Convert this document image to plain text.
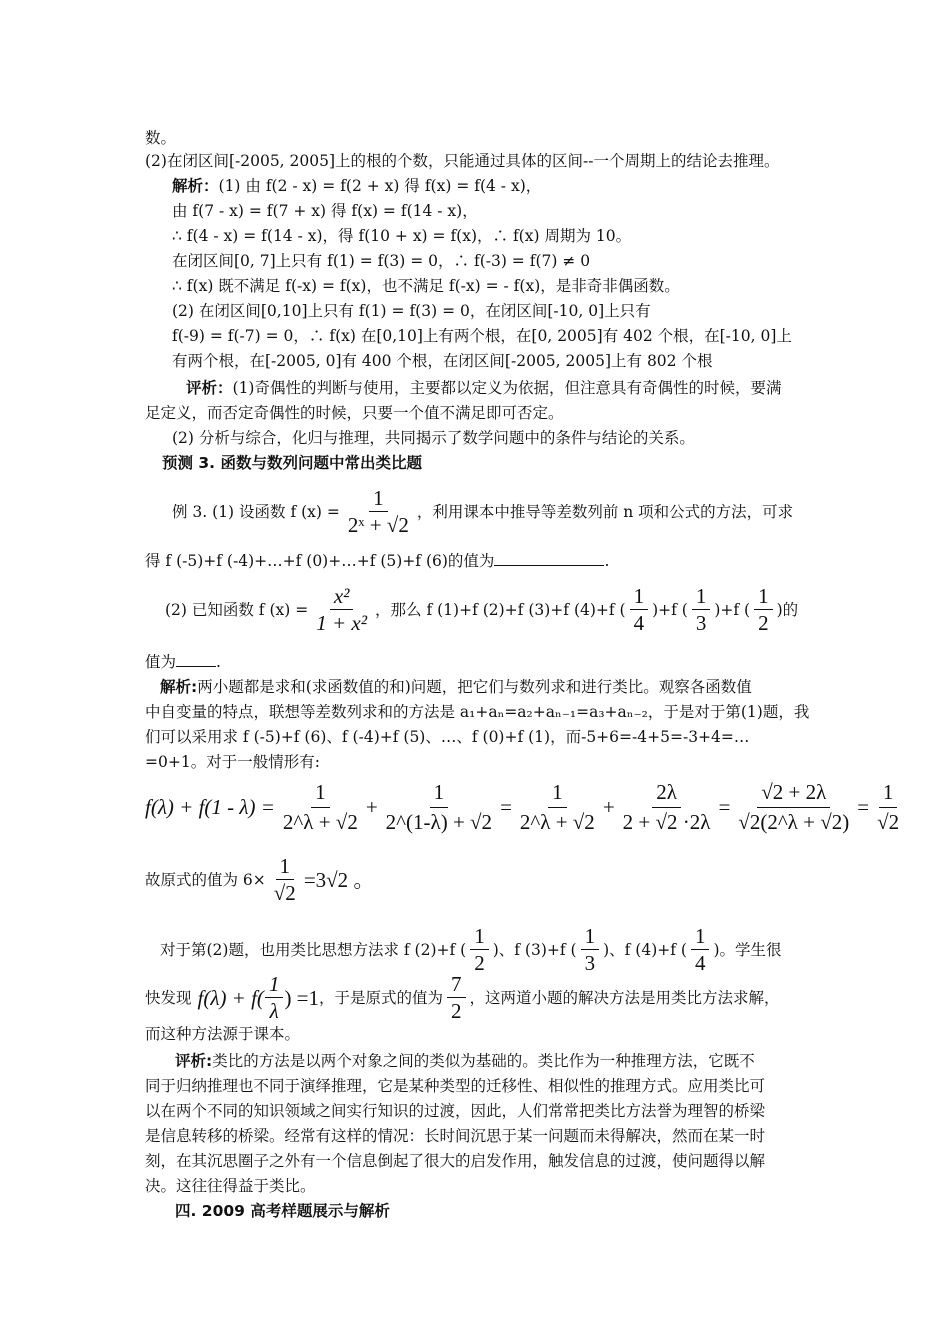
数。
(2)在闭区间[-2005, 2005]上的根的个数，只能通过具体的区间--一个周期上的结论去推理。
解析：(1) 由 f(2 - x) = f(2 + x) 得 f(x) = f(4 - x)，
由 f(7 - x) = f(7 + x) 得 f(x) = f(14 - x)，
∴ f(4 - x) = f(14 - x)，得 f(10 + x) = f(x)，∴ f(x) 周期为 10。
在闭区间[0, 7]上只有 f(1) = f(3) = 0，∴ f(-3) = f(7) ≠ 0
∴ f(x) 既不满足 f(-x) = f(x)，也不满足 f(-x) = - f(x)，是非奇非偶函数。
(2) 在闭区间[0,10]上只有 f(1) = f(3) = 0，在闭区间[-10, 0]上只有
f(-9) = f(-7) = 0，∴ f(x) 在[0,10]上有两个根，在[0, 2005]有 402 个根，在[-10, 0]上
有两个根，在[-2005, 0]有 400 个根，在闭区间[-2005, 2005]上有 802 个根
评析：(1)奇偶性的判断与使用，主要都以定义为依据，但注意具有奇偶性的时候，要满
足定义，而否定奇偶性的时候，只要一个值不满足即可否定。
(2) 分析与综合，化归与推理，共同揭示了数学问题中的条件与结论的关系。
预测 3. 函数与数列问题中常出类比题
例 3. (1) 设函数 f $(x) = \frac{1}{\text{2ˣ + √2}}$ ，利用课本中推导等差数列前 n 项和公式的方法，可求
得 f (-5)+f (-4)+…+f (0)+…+f (5)+f (6)的值为	.
(2) 已知函数 f $(x) = \frac{\text{x²}}{\text{1 + x²}}$ ，那么 f (1)+f (2)+f (3)+f (4)+f ( $\frac{1}{4} )+f$ ( $\frac{1}{3} )+f$ ( $\frac{1}{2}$ )的
值为	.
解析:两小题都是求和(求函数值的和)问题，把它们与数列求和进行类比。观察各函数值
中自变量的特点，联想等差数列求和的方法是 a₁+aₙ=a₂+aₙ₋₁=a₃+aₙ₋₂，于是对于第(1)题，我
们可以采用求 f (-5)+f (6)、f (-4)+f (5)、…、f (0)+f (1)，而-5+6=-4+5=-3+4=…
=0+1。对于一般情形有:
$f(\lambda) + f(1 - \lambda) = \frac{1}{2\^{}\lambda + √2} + \frac{1}{2\^{}(1-\lambda) + √2} = \frac{1}{2\^{}\lambda + √2} + \frac{2\lambda}{2 + √2 \cdot 2\lambda} = \frac{√2 + 2\lambda}{√2(2\^{}\lambda + √2)} = \frac{1}{√2}$
故原式的值为 $6\times \frac{1}{√2} =3√2$ 。
对于第(2)题，也用类比思想方法求 f (2)+f ( $\frac{1}{2}$ )、f (3)+f ( $\frac{1}{3}$ )、f (4)+f ( $\frac{1}{4}$ )。学生很
快发现 $f(\lambda) + f( \frac{1}{\lambda}$ ) =1 ，于是原式的值为 $\frac{7}{2}$ ，这两道小题的解决方法是用类比方法求解，
而这种方法源于课本。
评析:类比的方法是以两个对象之间的类似为基础的。类比作为一种推理方法，它既不
同于归纳推理也不同于演绎推理，它是某种类型的迁移性、相似性的推理方式。应用类比可
以在两个不同的知识领域之间实行知识的过渡，因此，人们常常把类比方法誉为理智的桥梁
是信息转移的桥梁。经常有这样的情况：长时间沉思于某一问题而未得解决，然而在某一时
刻，在其沉思圈子之外有一个信息倒起了很大的启发作用，触发信息的过渡，使问题得以解
决。这往往得益于类比。
四. 2009 高考样题展示与解析
